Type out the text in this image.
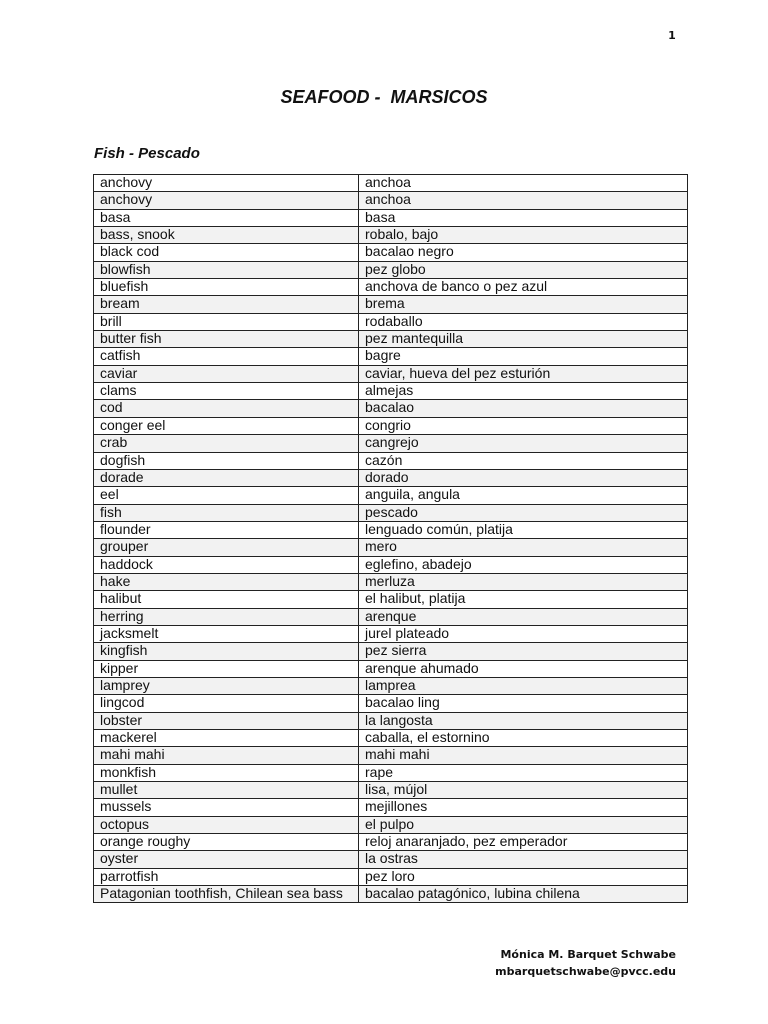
1
SEAFOOD -  MARSICOS
Fish - Pescado
anchovy	anchoa
anchovy	anchoa
basa	basa
bass, snook	robalo, bajo
black cod	bacalao negro
blowfish	pez globo
bluefish	anchova de banco o pez azul
bream	brema
brill	rodaballo
butter fish	pez mantequilla
catfish	bagre
caviar	caviar, hueva del pez esturión
clams	almejas
cod	bacalao
conger eel	congrio
crab	cangrejo
dogfish	cazón
dorade	dorado
eel	anguila, angula
fish	pescado
flounder	lenguado común, platija
grouper	mero
haddock	eglefino, abadejo
hake	merluza
halibut	el halibut, platija
herring	arenque
jacksmelt	jurel plateado
kingfish	pez sierra
kipper	arenque ahumado
lamprey	lamprea
lingcod	bacalao ling
lobster	la langosta
mackerel	caballa, el estornino
mahi mahi	mahi mahi
monkfish	rape
mullet	lisa, mújol
mussels	mejillones
octopus	el pulpo
orange roughy	reloj anaranjado, pez emperador
oyster	la ostras
parrotfish	pez loro
Patagonian toothfish, Chilean sea bass	bacalao patagónico, lubina chilena
Mónica M. Barquet Schwabe
mbarquetschwabe@pvcc.edu
